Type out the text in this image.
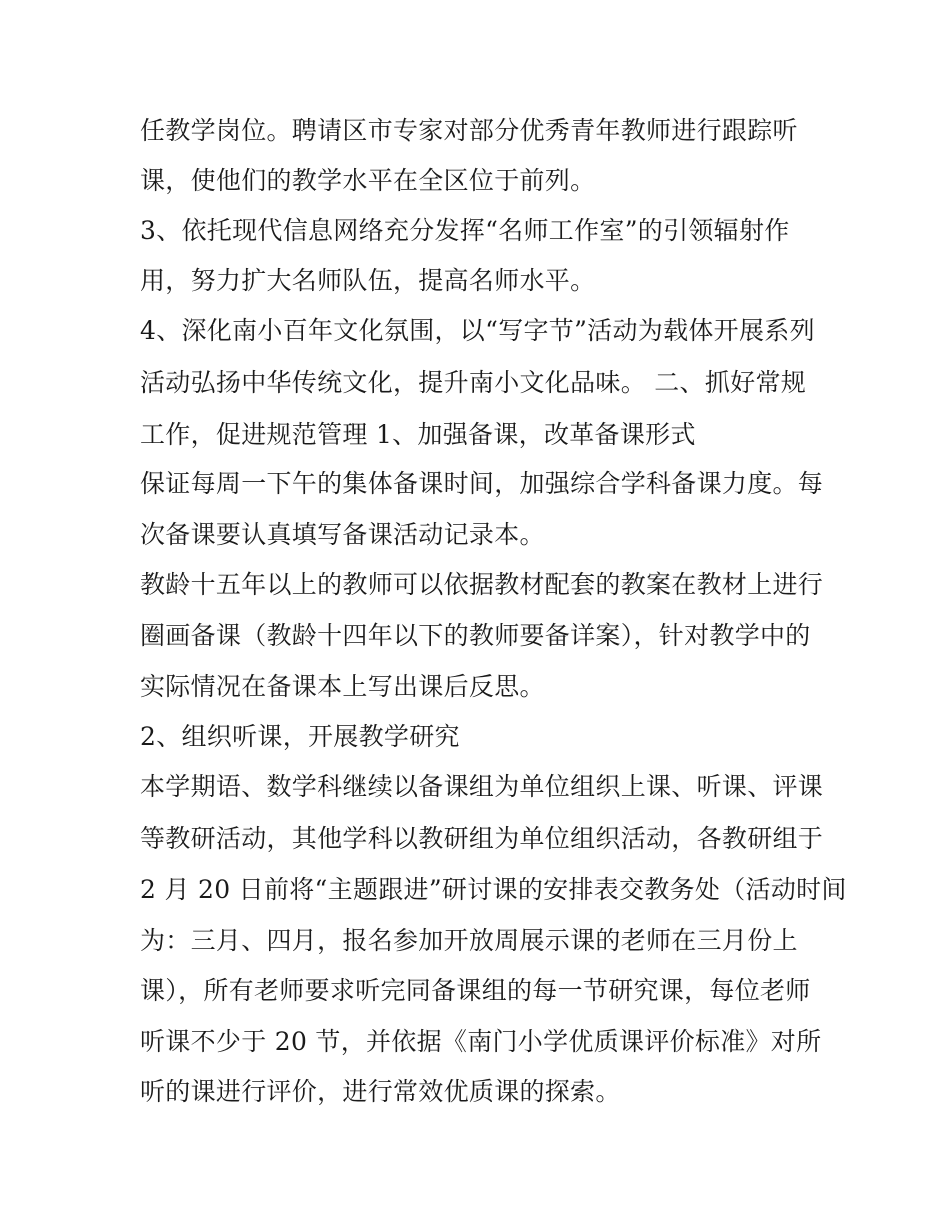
任教学岗位。聘请区市专家对部分优秀青年教师进行跟踪听
课，使他们的教学水平在全区位于前列。
3、依托现代信息网络充分发挥“名师工作室”的引领辐射作
用，努力扩大名师队伍，提高名师水平。
4、深化南小百年文化氛围，以“写字节”活动为载体开展系列
活动弘扬中华传统文化，提升南小文化品味。 二、抓好常规
工作，促进规范管理 1、加强备课，改革备课形式
保证每周一下午的集体备课时间，加强综合学科备课力度。每
次备课要认真填写备课活动记录本。
教龄十五年以上的教师可以依据教材配套的教案在教材上进行
圈画备课（教龄十四年以下的教师要备详案），针对教学中的
实际情况在备课本上写出课后反思。
2、组织听课，开展教学研究
本学期语、数学科继续以备课组为单位组织上课、听课、评课
等教研活动，其他学科以教研组为单位组织活动，各教研组于
2 月 20 日前将“主题跟进”研讨课的安排表交教务处（活动时间
为：三月、四月，报名参加开放周展示课的老师在三月份上
课），所有老师要求听完同备课组的每一节研究课，每位老师
听课不少于 20 节，并依据《南门小学优质课评价标准》对所
听的课进行评价，进行常效优质课的探索。
